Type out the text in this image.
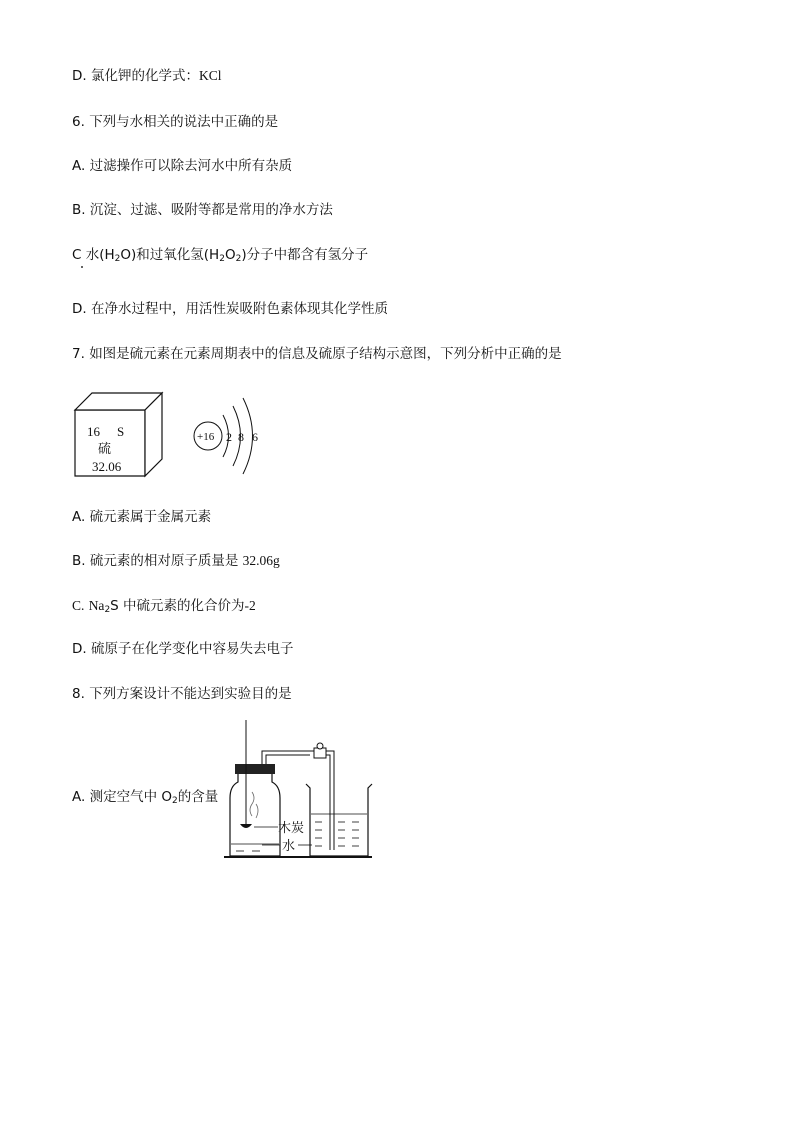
D. 氯化钾的化学式：KCl
6. 下列与水相关的说法中正确的是
A. 过滤操作可以除去河水中所有杂质
B. 沉淀、过滤、吸附等都是常用的净水方法
C 水$(H_2O)$和过氧化氢$(H_2O_2)$分子中都含有氢分子
D. 在净水过程中，用活性炭吸附色素体现其化学性质
7. 如图是硫元素在元素周期表中的信息及硫原子结构示意图，下列分析中正确的是
16 S
硫
32.06
+16 2 8 6
A. 硫元素属于金属元素
B. 硫元素的相对原子质量是 32.06g
C. $Na_2S$ 中硫元素的化合价为-2
D. 硫原子在化学变化中容易失去电子
8. 下列方案设计不能达到实验目的是
A. 测定空气中 $O_2$的含量
木炭
水
